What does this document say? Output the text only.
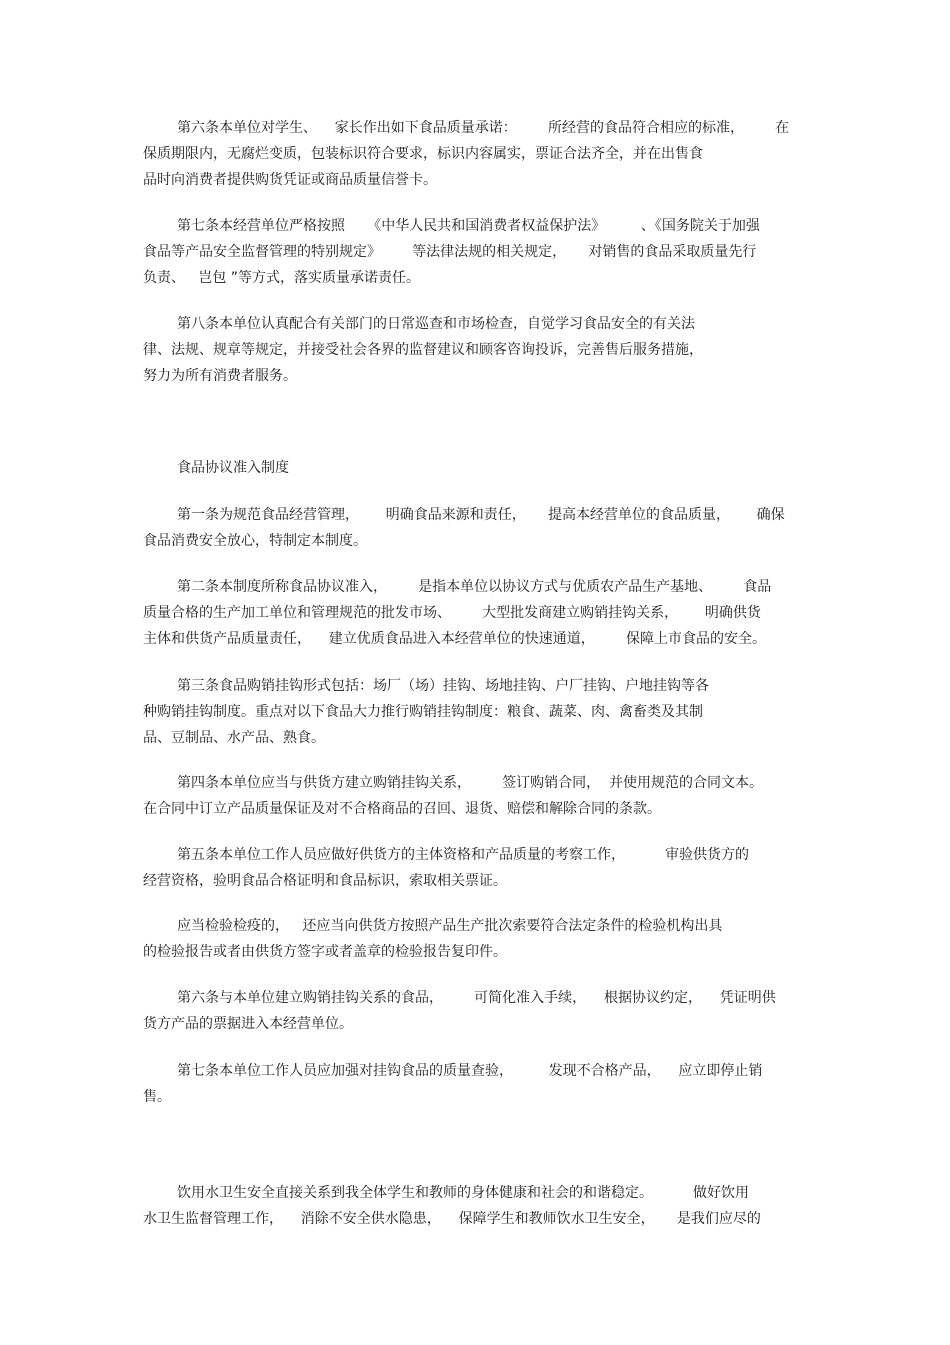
第六条本单位对学生、    家长作出如下食品质量承诺：       所经营的食品符合相应的标准，       在
保质期限内，无腐烂变质，包装标识符合要求，标识内容属实，票证合法齐全，并在出售食
品时向消费者提供购货凭证或商品质量信誉卡。
第七条本经营单位严格按照     《中华人民共和国消费者权益保护法》        、《国务院关于加强
食品等产品安全监督管理的特别规定》       等法律法规的相关规定，     对销售的食品采取质量先行
负责、   岂包 ”等方式，落实质量承诺责任。
第八条本单位认真配合有关部门的日常巡查和市场检查，自觉学习食品安全的有关法
律、法规、规章等规定，并接受社会各界的监督建议和顾客咨询投诉，完善售后服务措施，
努力为所有消费者服务。
食品协议准入制度
第一条为规范食品经营管理，      明确食品来源和责任，     提高本经营单位的食品质量，      确保
食品消费安全放心，特制定本制度。
第二条本制度所称食品协议准入，       是指本单位以协议方式与优质农产品生产基地、       食品
质量合格的生产加工单位和管理规范的批发市场、       大型批发商建立购销挂钩关系，      明确供货
主体和供货产品质量责任，    建立优质食品进入本经营单位的快速通道，       保障上市食品的安全。
第三条食品购销挂钩形式包括：场厂（场）挂钩、场地挂钩、户厂挂钩、户地挂钩等各
种购销挂钩制度。重点对以下食品大力推行购销挂钩制度：粮食、蔬菜、肉、禽畜类及其制
品、豆制品、水产品、熟食。
第四条本单位应当与供货方建立购销挂钩关系，       签订购销合同，  并使用规范的合同文本。
在合同中订立产品质量保证及对不合格商品的召回、退货、赔偿和解除合同的条款。
第五条本单位工作人员应做好供货方的主体资格和产品质量的考察工作，         审验供货方的
经营资格，验明食品合格证明和食品标识，索取相关票证。
应当检验检疫的，   还应当向供货方按照产品生产批次索要符合法定条件的检验机构出具
的检验报告或者由供货方签字或者盖章的检验报告复印件。
第六条与本单位建立购销挂钩关系的食品，       可简化准入手续，    根据协议约定，    凭证明供
货方产品的票据进入本经营单位。
第七条本单位工作人员应加强对挂钩食品的质量查验，        发现不合格产品，    应立即停止销
售。
饮用水卫生安全直接关系到我全体学生和教师的身体健康和社会的和谐稳定。         做好饮用
水卫生监督管理工作，    消除不安全供水隐患，    保障学生和教师饮水卫生安全，     是我们应尽的
